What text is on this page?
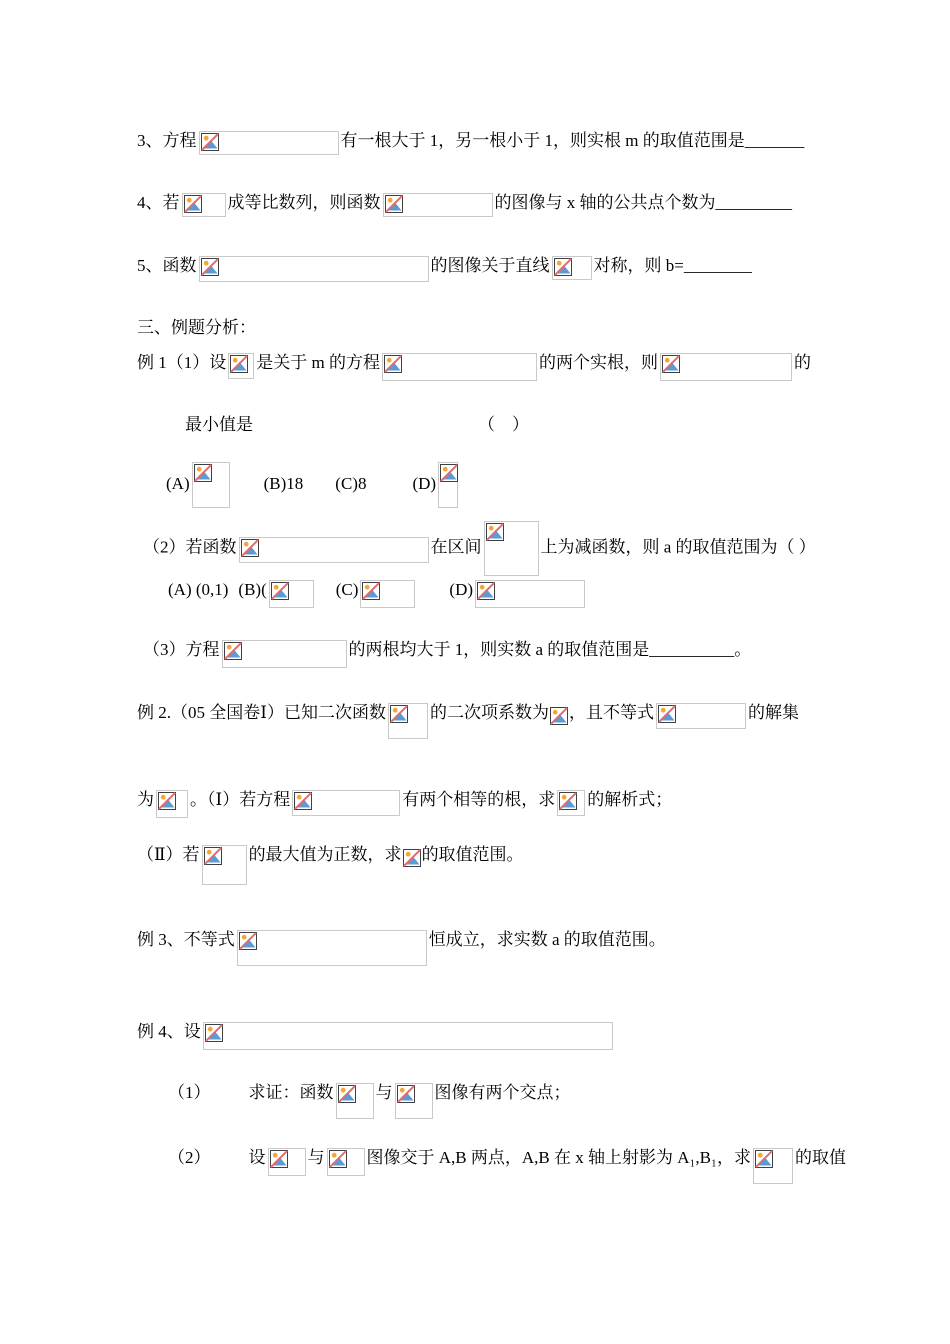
3、方程	有一根大于 1，另一根小于 1，则实根 m 的取值范围是_______
4、若	成等比数列，则函数	的图像与 x 轴的公共点个数为_________
5、函数	的图像关于直线	对称，则 b=________
三、例题分析：
例 1（1）设 是关于 m 的方程	的两个实根，则	的
最小值是	（　）
(A)	(B)18 (C)8	(D)
（2）若函数	在区间	上为减函数，则 a 的取值范围为（ ）
(A) (0,1) (B)(	(C)	(D)
（3）方程	的两根均大于 1，则实数 a 的取值范围是__________。
例 2.（05 全国卷Ⅰ）已知二次函数	的二次项系数为 ，且不等式	的解集
为 。（Ⅰ）若方程	有两个相等的根，求 的解析式；
（Ⅱ）若	的最大值为正数，求 的取值范围。
例 3、不等式	恒成立，求实数 a 的取值范围。
例 4、设
（1） 求证：函数 与 图像有两个交点；
（2） 设 与 图像交于 A,B 两点，A,B 在 x 轴上射影为 A₁,B₁，求	的取值
